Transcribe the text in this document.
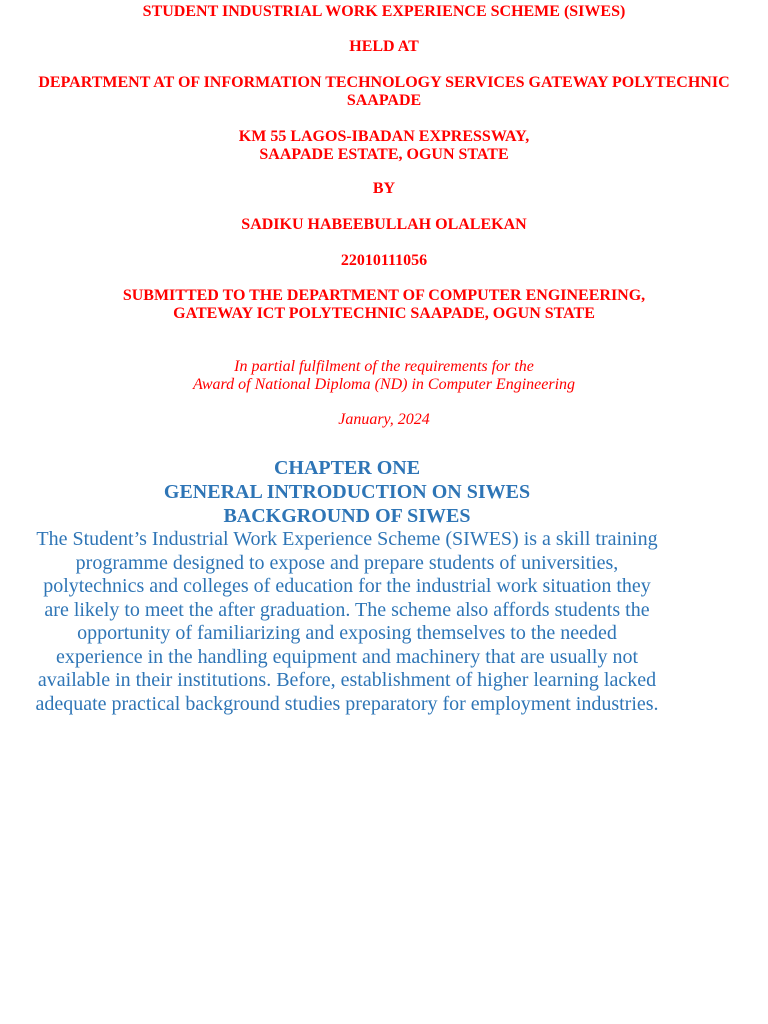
STUDENT INDUSTRIAL WORK EXPERIENCE SCHEME (SIWES)

HELD AT

DEPARTMENT AT OF INFORMATION TECHNOLOGY SERVICES GATEWAY POLYTECHNIC

SAAPADE

KM 55 LAGOS-IBADAN EXPRESSWAY,

SAAPADE ESTATE, OGUN STATE

BY

SADIKU HABEEBULLAH OLALEKAN

22010111056

SUBMITTED TO THE DEPARTMENT OF COMPUTER ENGINEERING,

GATEWAY ICT POLYTECHNIC SAAPADE, OGUN STATE

In partial fulfilment of the requirements for the

Award of National Diploma (ND) in Computer Engineering

January, 2024

CHAPTER ONE

GENERAL INTRODUCTION ON SIWES

BACKGROUND OF SIWES

The Student’s Industrial Work Experience Scheme (SIWES) is a skill training

programme designed to expose and prepare students of universities,

polytechnics and colleges of education for the industrial work situation they

are likely to meet the after graduation. The scheme also affords students the

opportunity of familiarizing and exposing themselves to the needed

experience in the handling equipment and machinery that are usually not

available in their institutions. Before, establishment of higher learning lacked

adequate practical background studies preparatory for employment industries.
